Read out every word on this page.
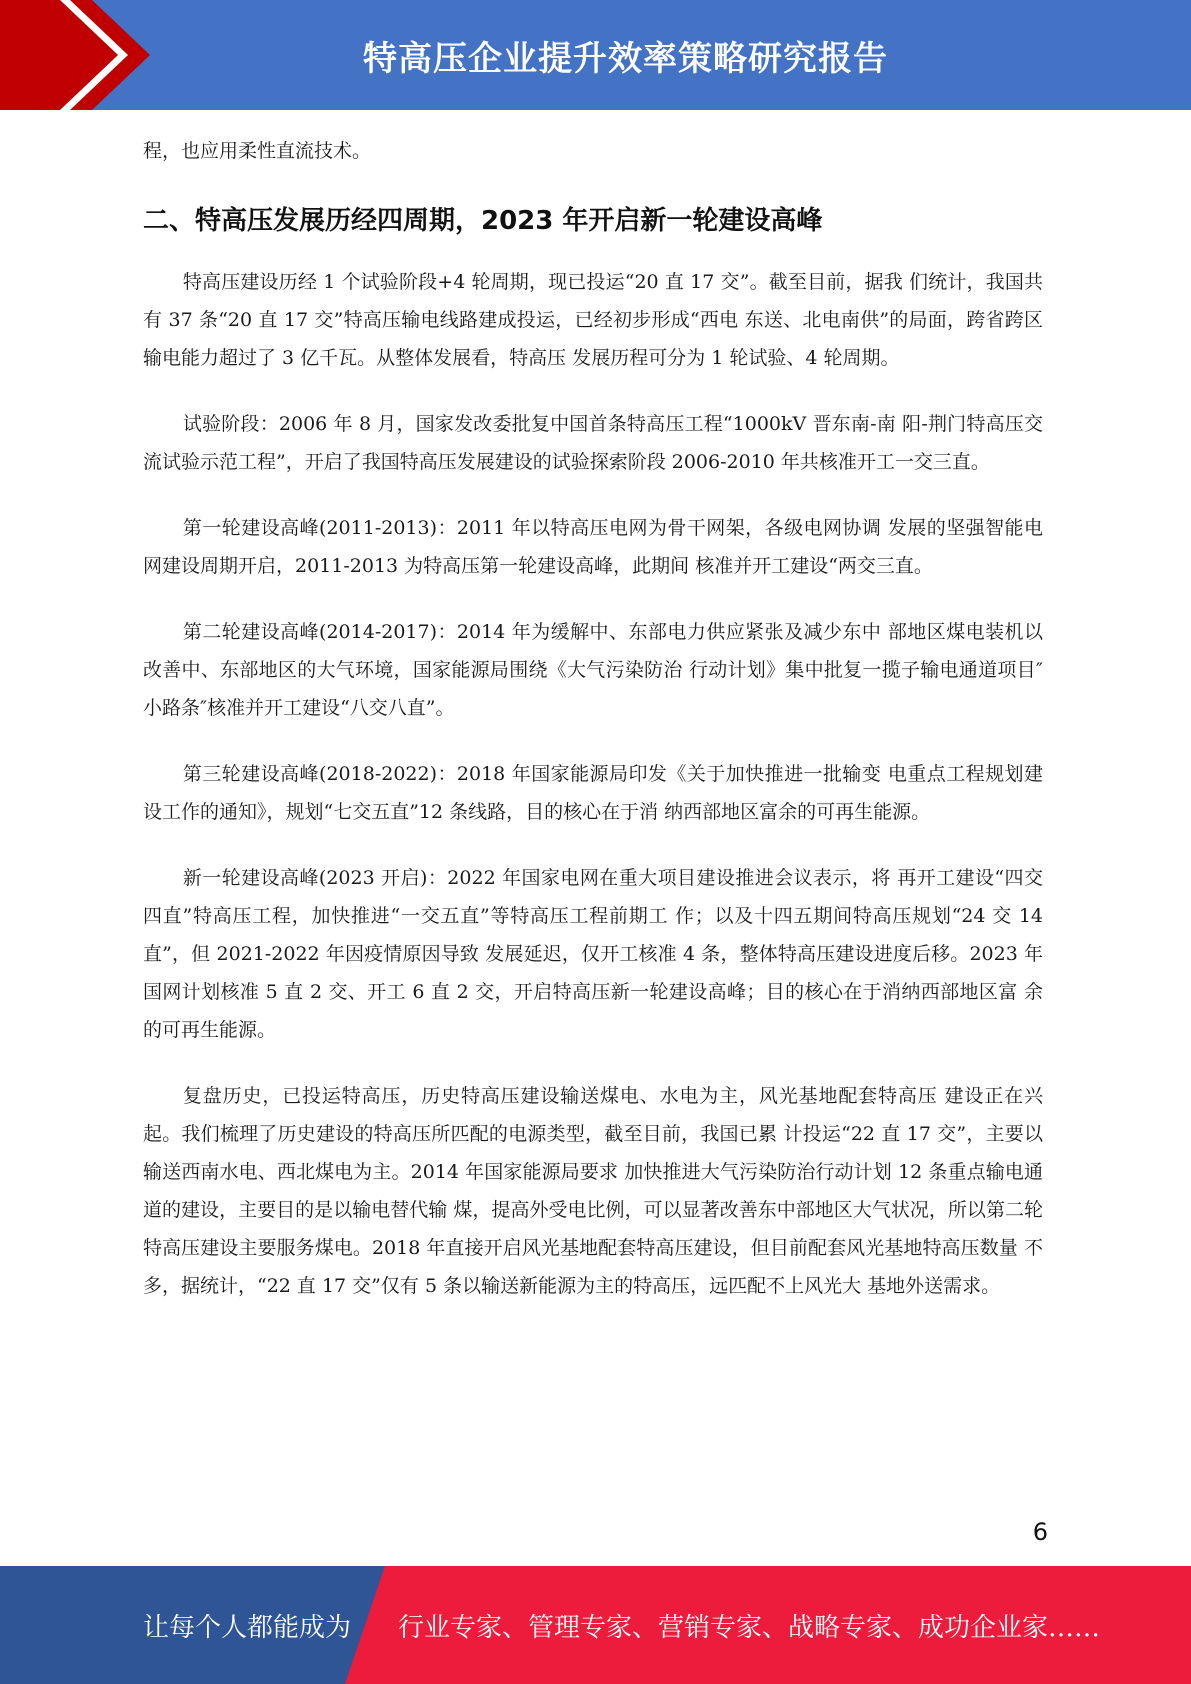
特高压企业提升效率策略研究报告

程，也应用柔性直流技术。

二、特高压发展历经四周期，2023 年开启新一轮建设高峰

特高压建设历经 1 个试验阶段+4 轮周期，现已投运“20 直 17 交”。截至目前，据我 们统计，我国共有 37 条“20 直 17 交”特高压输电线路建成投运，已经初步形成“西电 东送、北电南供”的局面，跨省跨区输电能力超过了 3 亿千瓦。从整体发展看，特高压 发展历程可分为 1 轮试验、4 轮周期。

试验阶段：2006 年 8 月，国家发改委批复中国首条特高压工程“1000kV 晋东南-南 阳-荆门特高压交流试验示范工程”，开启了我国特高压发展建设的试验探索阶段 2006-2010 年共核准开工一交三直。

第一轮建设高峰(2011-2013)：2011 年以特高压电网为骨干网架，各级电网协调 发展的坚强智能电网建设周期开启，2011-2013 为特高压第一轮建设高峰，此期间 核准并开工建设“两交三直。

第二轮建设高峰(2014-2017)：2014 年为缓解中、东部电力供应紧张及减少东中 部地区煤电装机以改善中、东部地区的大气环境，国家能源局围绕《大气污染防治 行动计划》集中批复一揽子输电通道项目″小路条″核准并开工建设“八交八直”。

第三轮建设高峰(2018-2022)：2018 年国家能源局印发《关于加快推进一批输变 电重点工程规划建设工作的通知》，规划“七交五直”12 条线路，目的核心在于消 纳西部地区富余的可再生能源。

新一轮建设高峰(2023 开启)：2022 年国家电网在重大项目建设推进会议表示，将 再开工建设“四交四直”特高压工程，加快推进“一交五直”等特高压工程前期工 作；以及十四五期间特高压规划“24 交 14 直”，但 2021-2022 年因疫情原因导致 发展延迟，仅开工核准 4 条，整体特高压建设进度后移。2023 年国网计划核准 5 直 2 交、开工 6 直 2 交，开启特高压新一轮建设高峰；目的核心在于消纳西部地区富 余的可再生能源。

复盘历史，已投运特高压，历史特高压建设输送煤电、水电为主，风光基地配套特高压 建设正在兴起。我们梳理了历史建设的特高压所匹配的电源类型，截至目前，我国已累 计投运“22 直 17 交”，主要以输送西南水电、西北煤电为主。2014 年国家能源局要求 加快推进大气污染防治行动计划 12 条重点输电通道的建设，主要目的是以输电替代输 煤，提高外受电比例，可以显著改善东中部地区大气状况，所以第二轮特高压建设主要服务煤电。2018 年直接开启风光基地配套特高压建设，但目前配套风光基地特高压数量 不多，据统计，“22 直 17 交”仅有 5 条以输送新能源为主的特高压，远匹配不上风光大 基地外送需求。

6
让每个人都能成为 行业专家、管理专家、营销专家、战略专家、成功企业家……
